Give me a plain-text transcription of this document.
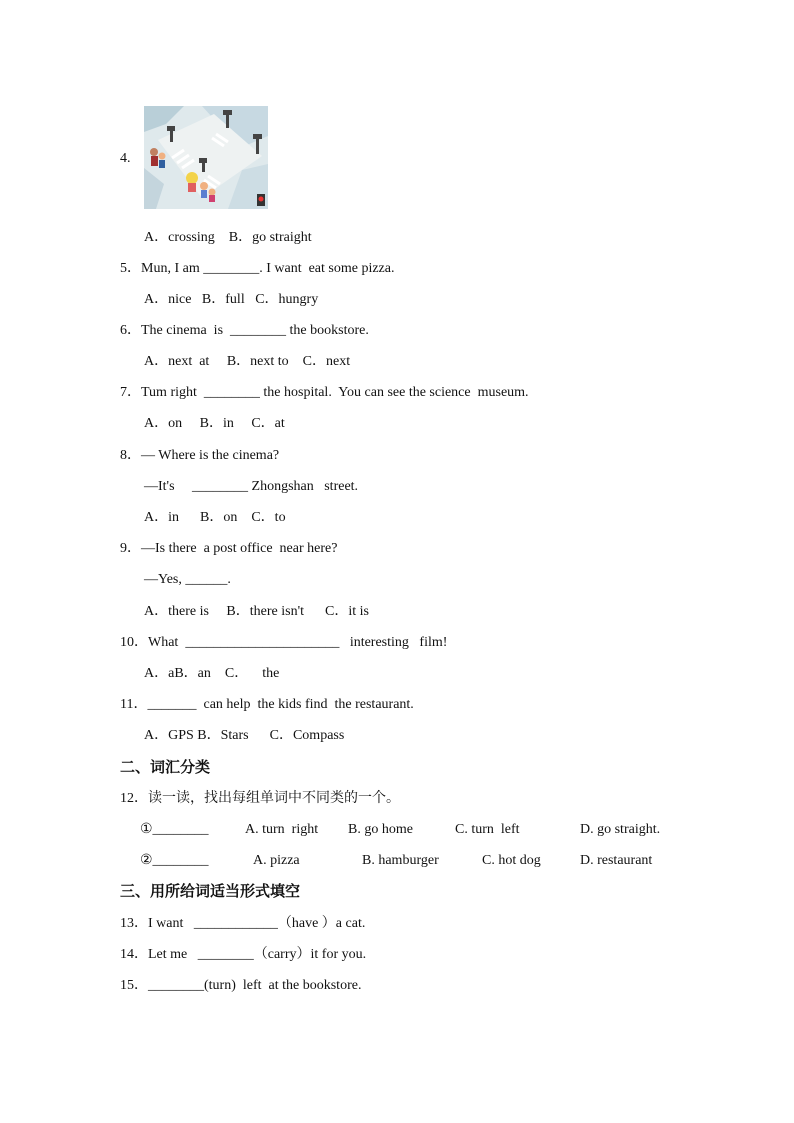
4.
A．crossing    B．go straight
5．Mun, I am ________. I want  eat some pizza.
A．nice   B．full   C．hungry
6．The cinema  is  ________ the bookstore.
A．next  at     B．next to    C．next
7．Tum right  ________ the hospital.  You can see the science  museum.
A．on     B．in     C．at
8．— Where is the cinema?
—It's     ________ Zhongshan   street.
A．in      B．on    C．to
9．—Is there  a post office  near here?
—Yes, ______.
A．there is     B．there isn't      C．it is
10．What  ______________________   interesting   film!
A．aB．an    C．    the
11．_______  can help  the kids find  the restaurant.
A．GPS B．Stars      C．Compass
二、词汇分类
12．读一读，找出每组单词中不同类的一个。
①________	A. turn  right B. go home	C. turn  left	D. go straight.
②________	A. pizza	B. hamburger	C. hot dog	D. restaurant
三、用所给词适当形式填空
13．I want   ____________（have ）a cat.
14．Let me   ________（carry）it for you.
15．________(turn)  left  at the bookstore.
